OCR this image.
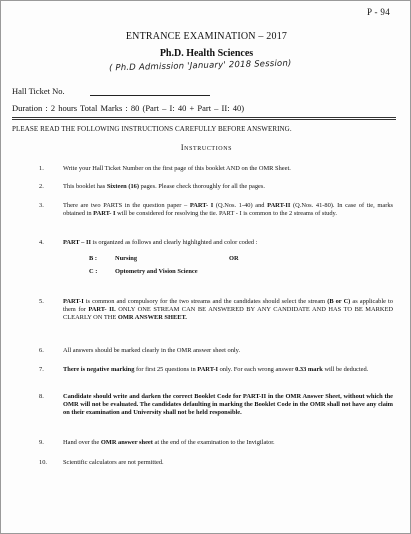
P - 94
ENTRANCE EXAMINATION – 2017
Ph.D. Health Sciences
( Ph.D Admission 'January' 2018 Session)
Hall Ticket No.
Duration : 2 hours Total Marks : 80 (Part – I: 40 + Part – II: 40)
PLEASE READ THE FOLLOWING INSTRUCTIONS CAREFULLY BEFORE ANSWERING.
Instructions
1.	Write your Hall Ticket Number on the first page of this booklet AND on the OMR Sheet.
2.	This booklet has Sixteen (16) pages. Please check thoroughly for all the pages.
3.	There are two PARTS in the question paper – PART- I (Q.Nos. 1-40) and PART-II (Q.Nos. 41-80). In case of tie, marks obtained in PART- I will be considered for resolving the tie. PART - I is common to the 2 streams of study.
4.	PART – II is organized as follows and clearly highlighted and color coded :
B :	Nursing	OR
C :	Optometry and Vision Science
5.	PART-I is common and compulsory for the two streams and the candidates should select the stream (B or C) as applicable to them for PART- II. ONLY ONE STREAM CAN BE ANSWERED BY ANY CANDIDATE AND HAS TO BE MARKED CLEARLY ON THE OMR ANSWER SHEET.
6.	All answers should be marked clearly in the OMR answer sheet only.
7.	There is negative marking for first 25 questions in PART-I only. For each wrong answer 0.33 mark will be deducted.
8.	Candidate should write and darken the correct Booklet Code for PART-II in the OMR Answer Sheet, without which the OMR will not be evaluated. The candidates defaulting in marking the Booklet Code in the OMR shall not have any claim on their examination and University shall not be held responsible.
9.	Hand over the OMR answer sheet at the end of the examination to the Invigilator.
10.	Scientific calculators are not permitted.
